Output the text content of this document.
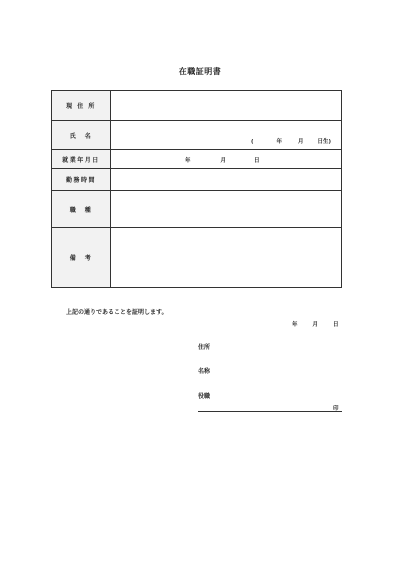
在職証明書
現 住 所	
氏　名	( 年 月 日生)

就業年月日	年 月 日

勤務時間	
職　種	
備　考	
上記の通りであることを証明します。
年	月	日
住所
名称
役職
印
